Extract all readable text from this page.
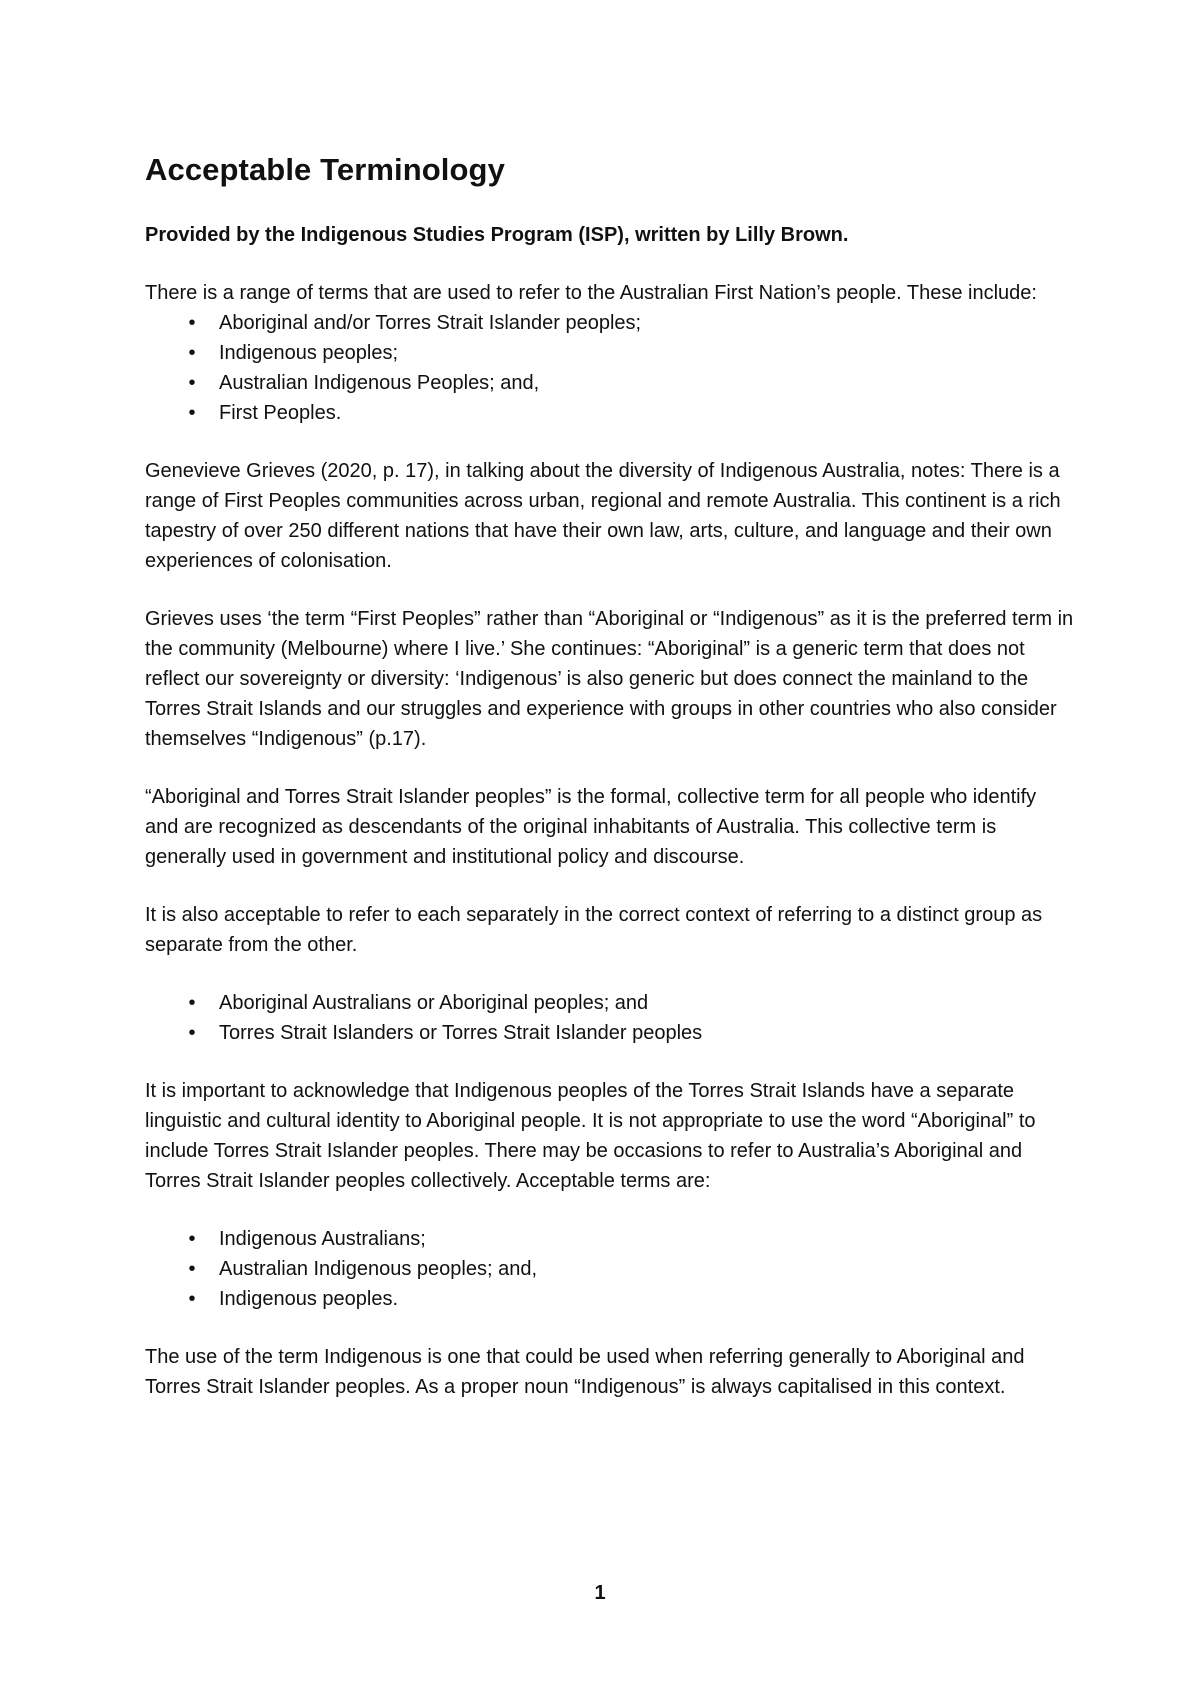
Acceptable Terminology
Provided by the Indigenous Studies Program (ISP), written by Lilly Brown.

There is a range of terms that are used to refer to the Australian First Nation’s people. These include:

• Aboriginal and/or Torres Strait Islander peoples;
• Indigenous peoples;
• Australian Indigenous Peoples; and,
• First Peoples.

Genevieve Grieves (2020, p. 17), in talking about the diversity of Indigenous Australia, notes: There is a range of First Peoples communities across urban, regional and remote Australia. This continent is a rich tapestry of over 250 different nations that have their own law, arts, culture, and language and their own experiences of colonisation.

Grieves uses ‘the term “First Peoples” rather than “Aboriginal or “Indigenous” as it is the preferred term in the community (Melbourne) where I live.’ She continues: “Aboriginal” is a generic term that does not reflect our sovereignty or diversity: ‘Indigenous’ is also generic but does connect the mainland to the Torres Strait Islands and our struggles and experience with groups in other countries who also consider themselves “Indigenous” (p.17).

“Aboriginal and Torres Strait Islander peoples” is the formal, collective term for all people who identify and are recognized as descendants of the original inhabitants of Australia. This collective term is generally used in government and institutional policy and discourse.

It is also acceptable to refer to each separately in the correct context of referring to a distinct group as separate from the other.

• Aboriginal Australians or Aboriginal peoples; and
• Torres Strait Islanders or Torres Strait Islander peoples

It is important to acknowledge that Indigenous peoples of the Torres Strait Islands have a separate linguistic and cultural identity to Aboriginal people. It is not appropriate to use the word “Aboriginal” to include Torres Strait Islander peoples. There may be occasions to refer to Australia’s Aboriginal and Torres Strait Islander peoples collectively. Acceptable terms are:

• Indigenous Australians;
• Australian Indigenous peoples; and,
• Indigenous peoples.

The use of the term Indigenous is one that could be used when referring generally to Aboriginal and Torres Strait Islander peoples. As a proper noun “Indigenous” is always capitalised in this context.

1
